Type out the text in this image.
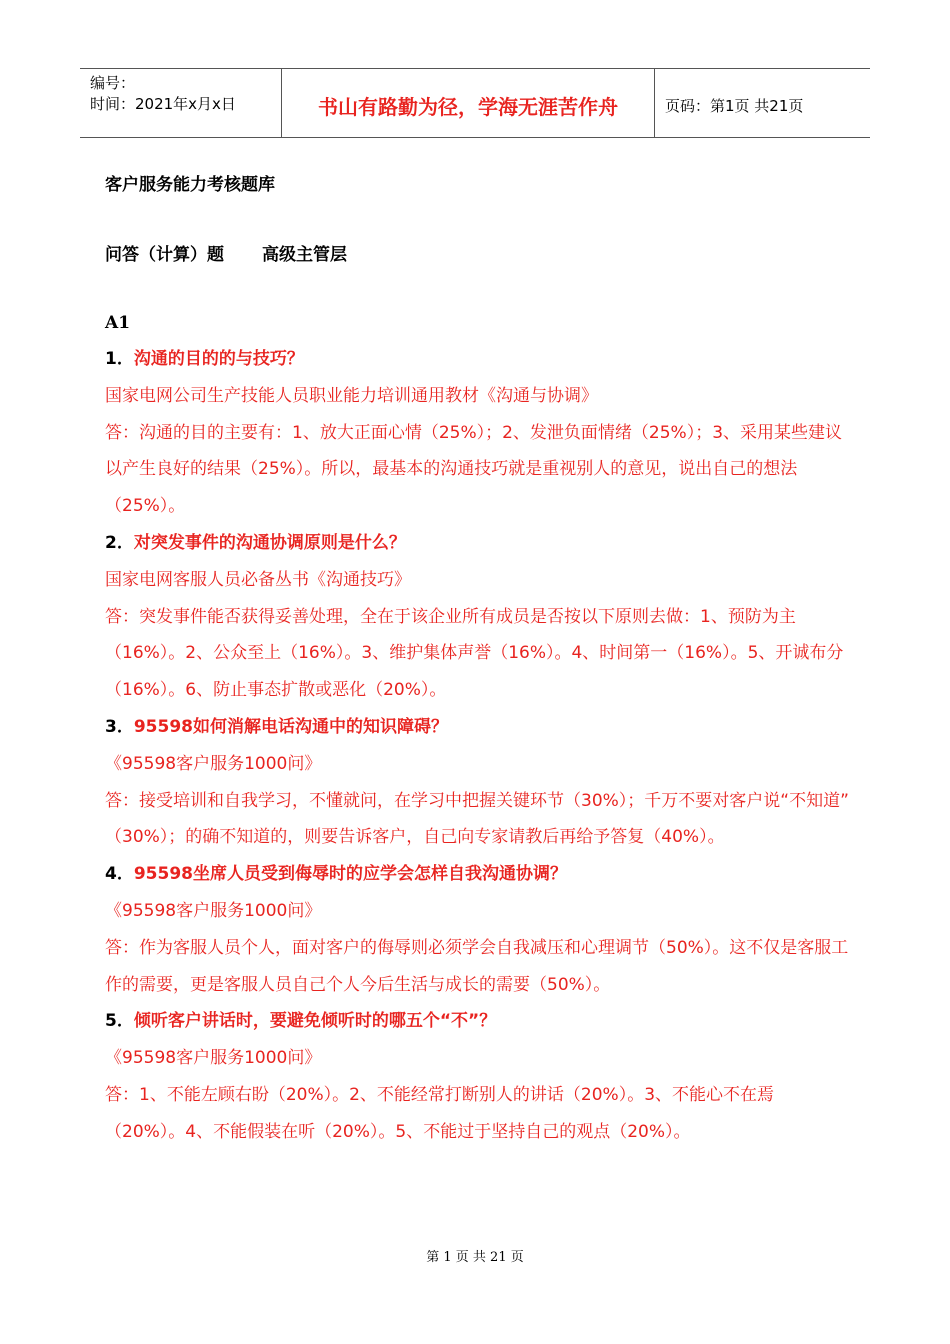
编号：
时间：2021年x月x日	书山有路勤为径，学海无涯苦作舟	页码：第1页 共21页
客户服务能力考核题库
问答（计算）题 高级主管层
A1
1．沟通的目的的与技巧？
国家电网公司生产技能人员职业能力培训通用教材《沟通与协调》
答：沟通的目的主要有：1、放大正面心情（25%）；2、发泄负面情绪（25%）；3、采用某些建议以产生良好的结果（25%）。所以，最基本的沟通技巧就是重视别人的意见，说出自己的想法（25%）。
2．对突发事件的沟通协调原则是什么？
国家电网客服人员必备丛书《沟通技巧》
答：突发事件能否获得妥善处理，全在于该企业所有成员是否按以下原则去做：1、预防为主（16%）。2、公众至上（16%）。3、维护集体声誉（16%）。4、时间第一（16%）。5、开诚布分（16%）。6、防止事态扩散或恶化（20%）。
3．95598如何消解电话沟通中的知识障碍？
《95598客户服务1000问》
答：接受培训和自我学习，不懂就问，在学习中把握关键环节（30%）；千万不要对客户说“不知道” （30%）；的确不知道的，则要告诉客户，自己向专家请教后再给予答复（40%）。
4．95598坐席人员受到侮辱时的应学会怎样自我沟通协调？
《95598客户服务1000问》
答：作为客服人员个人，面对客户的侮辱则必须学会自我减压和心理调节（50%）。这不仅是客服工作的需要，更是客服人员自己个人今后生活与成长的需要（50%）。
5．倾听客户讲话时，要避免倾听时的哪五个“不”？
《95598客户服务1000问》
答：1、不能左顾右盼（20%）。2、不能经常打断别人的讲话（20%）。3、不能心不在焉（20%）。4、不能假装在听（20%）。5、不能过于坚持自己的观点（20%）。
第 1 页 共 21 页
